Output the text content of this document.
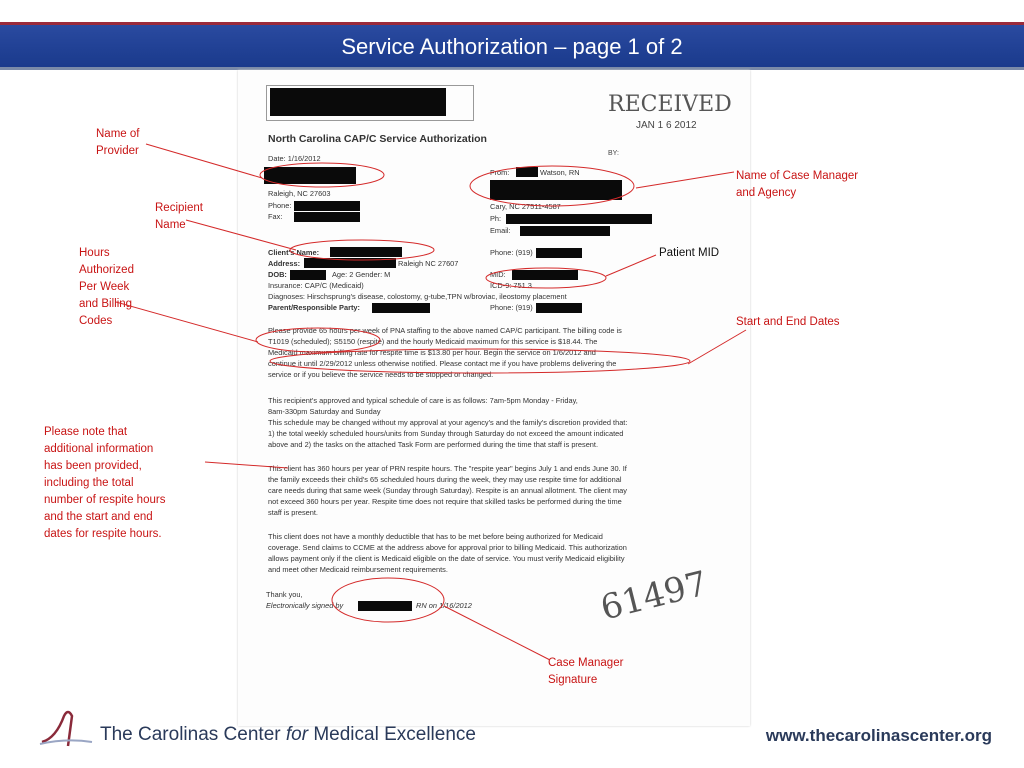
Service Authorization – page 1 of 2
North Carolina CAP/C Service Authorization
RECEIVED
JAN 1 6 2012
BY:
Date: 1/16/2012
Raleigh, NC 27603
Phone:
Fax:
From:	Watson, RN
Cary, NC 27511-4587
Ph:
Email:
Client's Name:
Address:	Raleigh NC 27607
DOB:	Age: 2 Gender: M
Insurance: CAP/C (Medicaid)
Diagnoses: Hirschsprung's disease, colostomy, g-tube,TPN w/broviac, ileostomy placement
Parent/Responsible Party:
Phone: (919)
MID:
ICD-9: 751.3
Phone: (919)
Please provide 65 hours per week of PNA staffing to the above named CAP/C participant. The billing code is
T1019 (scheduled); S5150 (respite) and the hourly Medicaid maximum for this service is $18.44. The
Medicaid maximum billing rate for respite time is $13.80 per hour. Begin the service on 1/6/2012 and
continue it until 2/29/2012 unless otherwise notified. Please contact me if you have problems delivering the
service or if you believe the service needs to be stopped or changed.
This recipient's approved and typical schedule of care is as follows: 7am-5pm Monday - Friday,
8am-330pm Saturday and Sunday
This schedule may be changed without my approval at your agency's and the family's discretion provided that:
1) the total weekly scheduled hours/units from Sunday through Saturday do not exceed the amount indicated
above and 2) the tasks on the attached Task Form are performed during the time that staff is present.
This client has 360 hours per year of PRN respite hours. The "respite year" begins July 1 and ends June 30. If
the family exceeds their child's 65 scheduled hours during the week, they may use respite time for additional
care needs during that same week (Sunday through Saturday). Respite is an annual allotment. The client may
not exceed 360 hours per year. Respite time does not require that skilled tasks be performed during the time
staff is present.
This client does not have a monthly deductible that has to be met before being authorized for Medicaid
coverage. Send claims to CCME at the address above for approval prior to billing Medicaid. This authorization
allows payment only if the client is Medicaid eligible on the date of service. You must verify Medicaid eligibility
and meet other Medicaid reimbursement requirements.
Thank you,
Electronically signed by	RN on 1/16/2012	61497
Name of
Provider
Recipient
Name
Hours
Authorized
Per Week
and Billing
Codes
Please note that
additional information
has been provided,
including the total
number of respite hours
and the start and end
dates for respite hours.
Name of Case Manager
and Agency
Patient MID
Start and End Dates
Case Manager
Signature
The Carolinas Center for Medical Excellence	www.thecarolinascenter.org
